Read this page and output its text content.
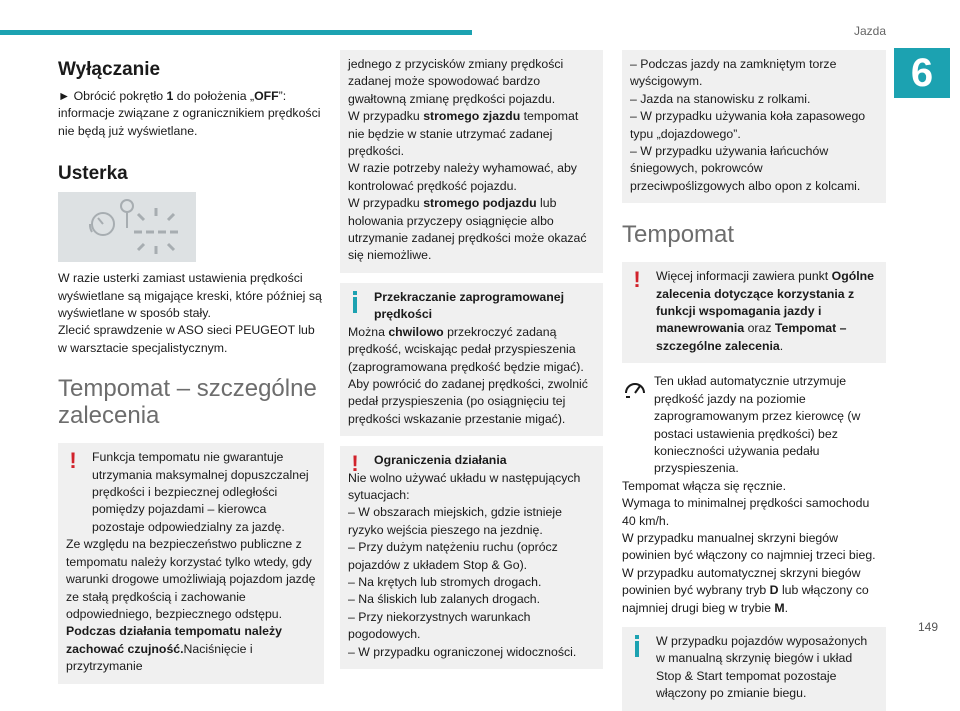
Jazda
6
149
Wyłączanie

► Obrócić pokrętło 1 do położenia „OFF”: informacje związane z ogranicznikiem prędkości nie będą już wyświetlane.

Usterka

W razie usterki zamiast ustawienia prędkości wyświetlane są migające kreski, które później są wyświetlane w sposób stały.

Zlecić sprawdzenie w ASO sieci PEUGEOT lub w warsztacie specjalistycznym.

Tempomat – szczególne zalecenia
!	Funkcja tempomatu nie gwarantuje utrzymania maksymalnej dopuszczalnej prędkości i bezpiecznej odległości pomiędzy pojazdami – kierowca pozostaje odpowiedzialny za jazdę.

Ze względu na bezpieczeństwo publiczne z tempomatu należy korzystać tylko wtedy, gdy warunki drogowe umożliwiają pojazdom jazdę ze stałą prędkością i zachowanie odpowiedniego, bezpiecznego odstępu.

Podczas działania tempomatu należy zachować czujność.Naciśnięcie i przytrzymanie

jednego z przycisków zmiany prędkości zadanej może spowodować bardzo gwałtowną zmianę prędkości pojazdu.

W przypadku stromego zjazdu tempomat nie będzie w stanie utrzymać zadanej prędkości.

W razie potrzeby należy wyhamować, aby kontrolować prędkość pojazdu.

W przypadku stromego podjazdu lub holowania przyczepy osiągnięcie albo utrzymanie zadanej prędkości może okazać się niemożliwe.

Przekraczanie zaprogramowanej prędkości

Można chwilowo przekroczyć zadaną prędkość, wciskając pedał przyspieszenia (zaprogramowana prędkość będzie migać).

Aby powrócić do zadanej prędkości, zwolnić pedał przyspieszenia (po osiągnięciu tej prędkości wskazanie przestanie migać).

!	Ograniczenia działania

Nie wolno używać układu w następujących sytuacjach:

– W obszarach miejskich, gdzie istnieje ryzyko wejścia pieszego na jezdnię.

– Przy dużym natężeniu ruchu (oprócz pojazdów z układem Stop & Go).

– Na krętych lub stromych drogach.

– Na śliskich lub zalanych drogach.

– Przy niekorzystnych warunkach pogodowych.

– W przypadku ograniczonej widoczności.

– Podczas jazdy na zamkniętym torze wyścigowym.

– Jazda na stanowisku z rolkami.

– W przypadku używania koła zapasowego typu „dojazdowego”.

– W przypadku używania łańcuchów śniegowych, pokrowców przeciwpoślizgowych albo opon z kolcami.

Tempomat
!	Więcej informacji zawiera punkt Ogólne zalecenia dotyczące korzystania z funkcji wspomagania jazdy i manewrowania oraz Tempomat – szczególne zalecenia.

Ten układ automatycznie utrzymuje prędkość jazdy na poziomie zaprogramowanym przez kierowcę (w postaci ustawienia prędkości) bez konieczności używania pedału przyspieszenia.

Tempomat włącza się ręcznie.

Wymaga to minimalnej prędkości samochodu 40 km/h.

W przypadku manualnej skrzyni biegów powinien być włączony co najmniej trzeci bieg.

W przypadku automatycznej skrzyni biegów powinien być wybrany tryb D lub włączony co najmniej drugi bieg w trybie M.

W przypadku pojazdów wyposażonych w manualną skrzynię biegów i układ Stop & Start tempomat pozostaje włączony po zmianie biegu.
